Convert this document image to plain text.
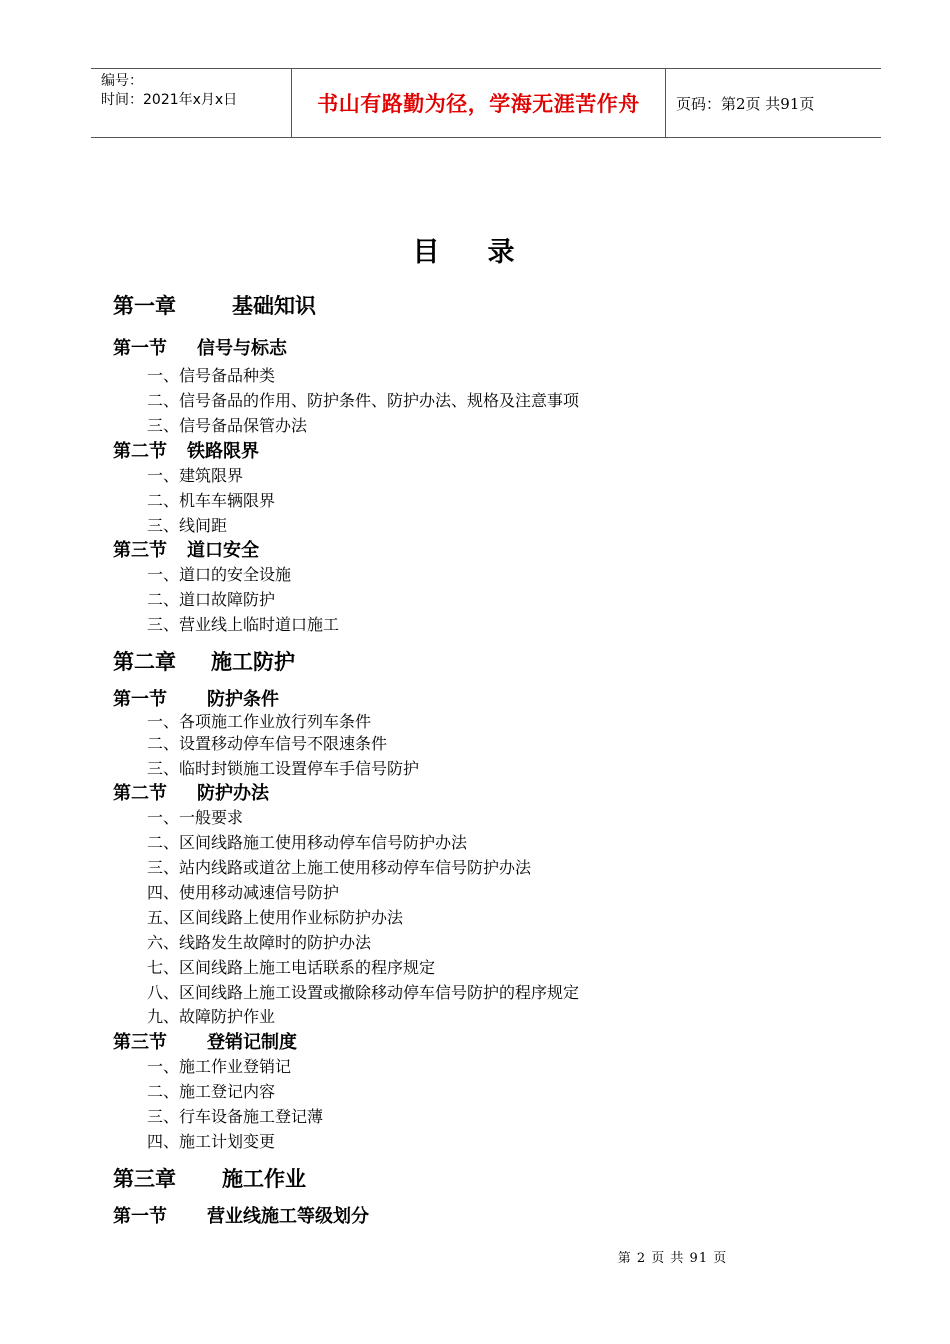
编号：
时间：2021年x月x日	书山有路勤为径，学海无涯苦作舟	页码：第2页 共91页
目录
第一章	基础知识
第一节 信号与标志
一、信号备品种类
二、信号备品的作用、防护条件、防护办法、规格及注意事项
三、信号备品保管办法
第二节 铁路限界
一、建筑限界
二、机车车辆限界
三、线间距
第三节 道口安全
一、道口的安全设施
二、道口故障防护
三、营业线上临时道口施工
第二章 施工防护
第一节 防护条件
一、各项施工作业放行列车条件
二、设置移动停车信号不限速条件
三、临时封锁施工设置停车手信号防护
第二节 防护办法
一、一般要求
二、区间线路施工使用移动停车信号防护办法
三、站内线路或道岔上施工使用移动停车信号防护办法
四、使用移动减速信号防护
五、区间线路上使用作业标防护办法
六、线路发生故障时的防护办法
七、区间线路上施工电话联系的程序规定
八、区间线路上施工设置或撤除移动停车信号防护的程序规定
九、故障防护作业
第三节 登销记制度
一、施工作业登销记
二、施工登记内容
三、行车设备施工登记薄
四、施工计划变更
第三章 施工作业
第一节 营业线施工等级划分
第 2 页 共 91 页
